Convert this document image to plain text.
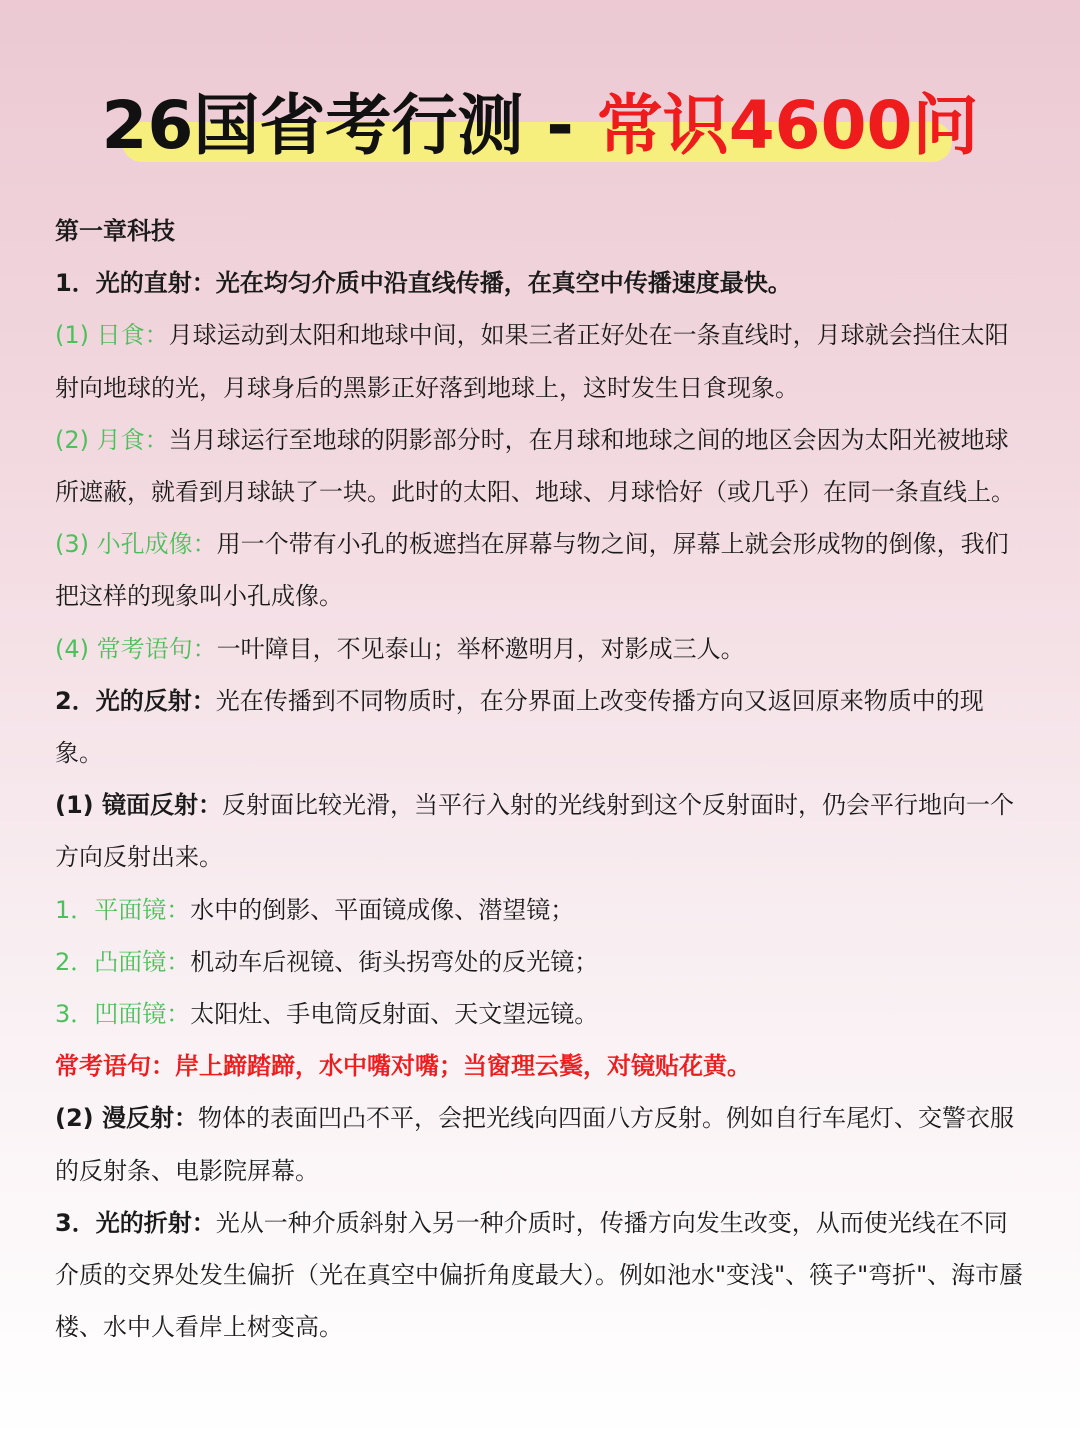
26国省考行测 - 常识4600问

第一章科技

1．光的直射：光在均匀介质中沿直线传播，在真空中传播速度最快。

(1) 日食：月球运动到太阳和地球中间，如果三者正好处在一条直线时，月球就会挡住太阳射向地球的光，月球身后的黑影正好落到地球上，这时发生日食现象。

(2) 月食：当月球运行至地球的阴影部分时，在月球和地球之间的地区会因为太阳光被地球所遮蔽，就看到月球缺了一块。此时的太阳、地球、月球恰好（或几乎）在同一条直线上。

(3) 小孔成像：用一个带有小孔的板遮挡在屏幕与物之间，屏幕上就会形成物的倒像，我们把这样的现象叫小孔成像。

(4) 常考语句：一叶障目，不见泰山；举杯邀明月，对影成三人。

2．光的反射：光在传播到不同物质时，在分界面上改变传播方向又返回原来物质中的现象。

(1) 镜面反射：反射面比较光滑，当平行入射的光线射到这个反射面时，仍会平行地向一个方向反射出来。

1．平面镜：水中的倒影、平面镜成像、潜望镜；

2．凸面镜：机动车后视镜、街头拐弯处的反光镜；

3．凹面镜：太阳灶、手电筒反射面、天文望远镜。

常考语句：岸上蹄踏蹄，水中嘴对嘴；当窗理云鬓，对镜贴花黄。

(2) 漫反射：物体的表面凹凸不平，会把光线向四面八方反射。例如自行车尾灯、交警衣服的反射条、电影院屏幕。

3．光的折射：光从一种介质斜射入另一种介质时，传播方向发生改变，从而使光线在不同介质的交界处发生偏折（光在真空中偏折角度最大）。例如池水"变浅"、筷子"弯折"、海市蜃楼、水中人看岸上树变高。
